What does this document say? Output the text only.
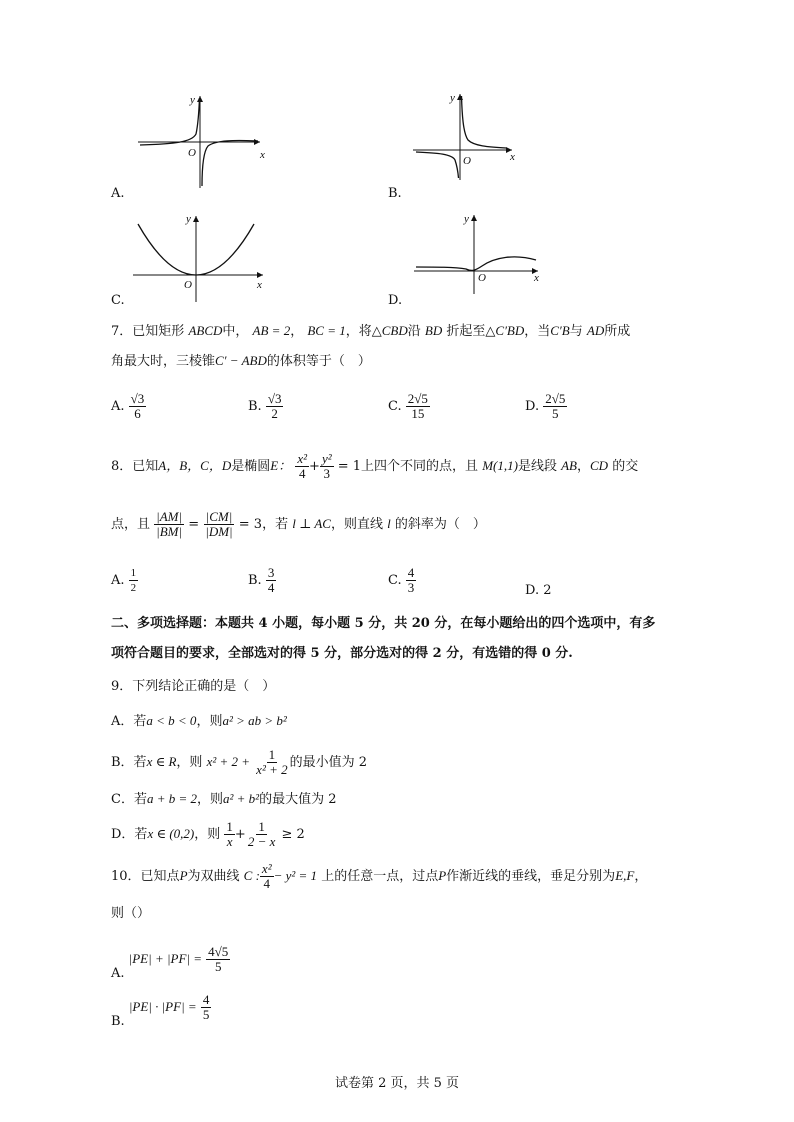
y
x
O
A.
y
x
O
B.
y
x
O
C.
y
x
O
D.
7．已知矩形 ABCD中， AB = 2， BC = 1，将△CBD沿 BD 折起至△C′BD，当C′B与 AD所成
角最大时，三棱锥C′ − ABD的体积等于（　）
A. $\frac{√3}{6}$	B. $\frac{√3}{2}$	C. $\frac{2√5}{15}$	D. $\frac{2√5}{5}$
8．已知A，B，C，D是椭圆E： $\frac{\text{x²}}{4} + \frac{\text{y²}}{3} = 1$上四个不同的点，且 M(1,1)是线段 AB，CD 的交
点，且 $\frac{|AM|}{|BM|} = \frac{|CM|}{|DM|} = 3$，若 l ⊥ AC，则直线 l 的斜率为（　）
A. $\frac{1}{2}$	B. $\frac{3}{4}$	C. $\frac{4}{3}$	D. 2
二、多项选择题：本题共 4 小题，每小题 5 分，共 20 分，在每小题给出的四个选项中，有多
项符合题目的要求，全部选对的得 5 分，部分选对的得 2 分，有选错的得 0 分.
9．下列结论正确的是（　）
A．若a < b < 0，则a² > ab > b²
B．若x ∈ R，则 $x^2 + 2 + \frac{1}{\text{x² + 2}}$ 的最小值为 2
C．若a + b = 2，则a² + b²的最大值为 2
D．若x ∈ (0,2)，则 $\frac{1}{x} + \frac{1}{2 - x} \ge 2$
10．已知点P为双曲线 C : $\frac{\text{x²}}{4} - y^2 = 1$ 上的任意一点，过点P作渐近线的垂线，垂足分别为E,F，
则（）
A. $|PE| + |PF| = \frac{4√5}{5}$
B. $|PE| \cdot |PF| = \frac{4}{5}$
试卷第 2 页，共 5 页
